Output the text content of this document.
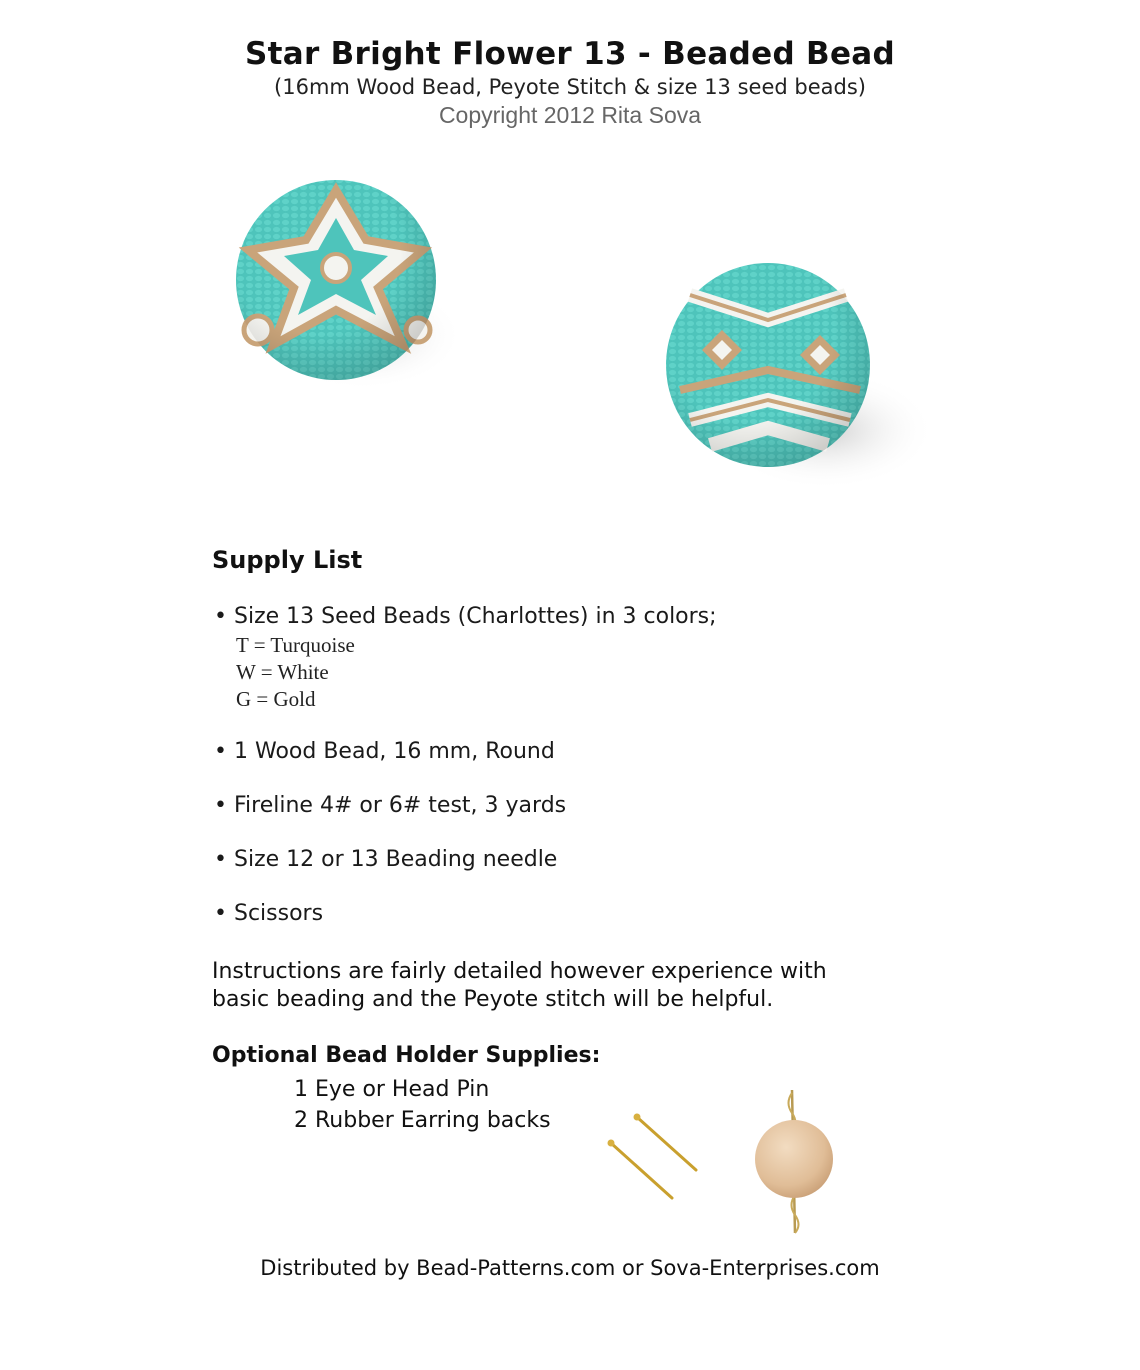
Star Bright Flower 13 - Beaded Bead
(16mm Wood Bead, Peyote Stitch & size 13 seed beads)
Copyright 2012 Rita Sova
Supply List
• Size 13 Seed Beads (Charlottes) in 3 colors;
T = Turquoise
W = White
G = Gold
• 1 Wood Bead, 16 mm, Round
• Fireline 4# or 6# test, 3 yards
• Size 12 or 13 Beading needle
• Scissors
Instructions are fairly detailed however experience with
basic beading and the Peyote stitch will be helpful.
Optional Bead Holder Supplies:
1 Eye or Head Pin
2 Rubber Earring backs
Distributed by Bead-Patterns.com or Sova-Enterprises.com
